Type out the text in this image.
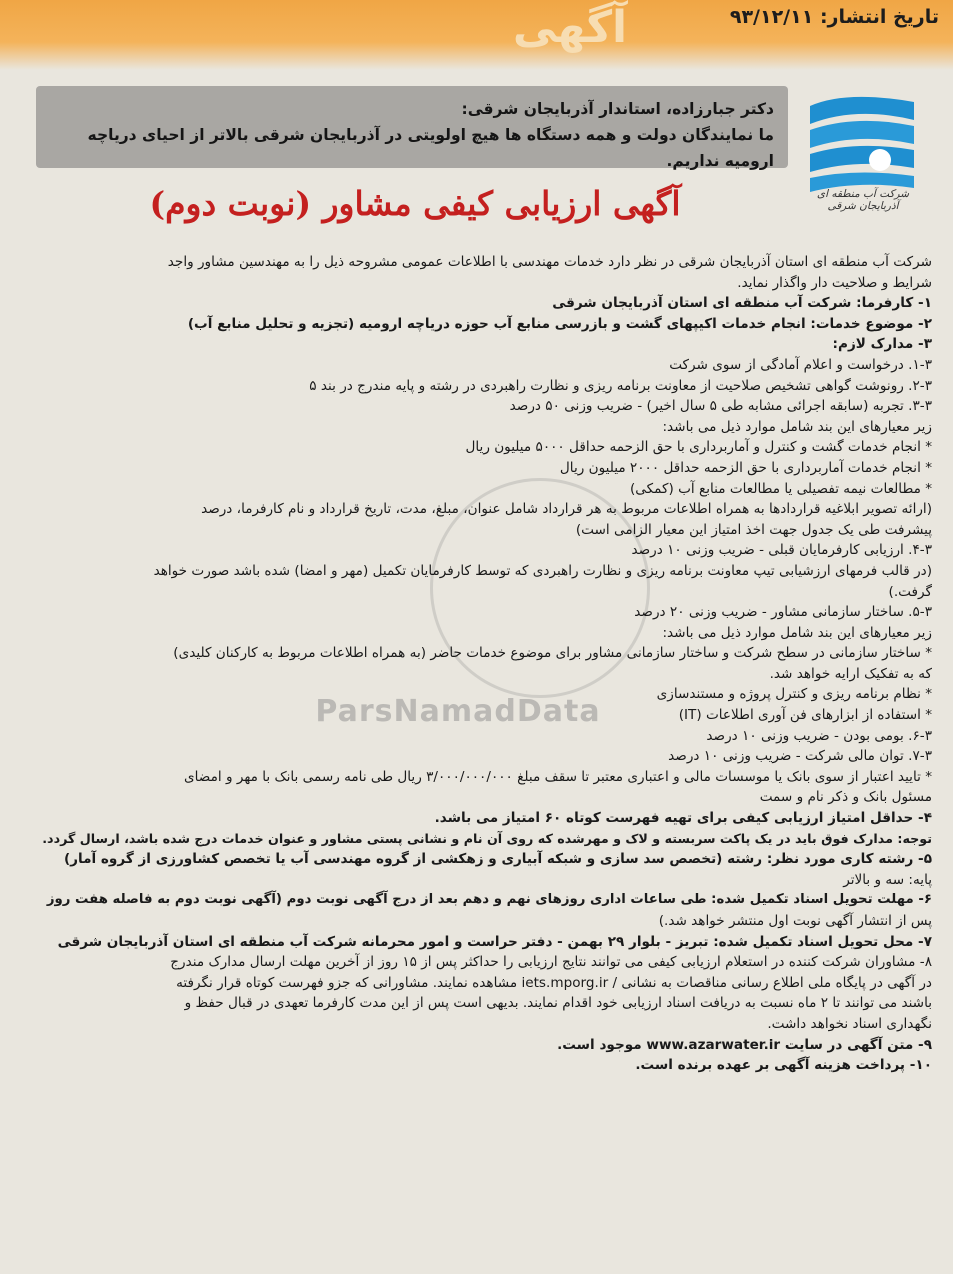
آگهی	تاریخ انتشار: ۹۳/۱۲/۱۱
دکتر جبارزاده، استاندار آذربایجان شرقی:
ما نمایندگان دولت و همه دستگاه ها هیچ اولویتی در آذربایجان شرقی بالاتر از احیای دریاچه ارومیه نداریم.
شرکت آب منطقه ای آذربایجان شرقی
آگهی ارزیابی کیفی مشاور (نوبت دوم)
ParsNamadData

شرکت آب منطقه ای استان آذربایجان شرقی در نظر دارد خدمات مهندسی با اطلاعات عمومی مشروحه ذیل را به مهندسین مشاور واجد

شرایط و صلاحیت دار واگذار نماید.

۱- کارفرما: شرکت آب منطقه ای استان آذربایجان شرقی

۲- موضوع خدمات: انجام خدمات اکیپهای گشت و بازرسی منابع آب حوزه دریاچه ارومیه (تجزیه و تحلیل منابع آب)

۳- مدارک لازم:

۱-۳. درخواست و اعلام آمادگی از سوی شرکت

۲-۳. رونوشت گواهی تشخیص صلاحیت از معاونت برنامه ریزی و نظارت راهبردی در رشته و پایه مندرج در بند ۵

۳-۳. تجربه (سابقه اجرائی مشابه طی ۵ سال اخیر) - ضریب وزنی ۵۰ درصد

زیر معیارهای این بند شامل موارد ذیل می باشد:

* انجام خدمات گشت و کنترل و آماربرداری با حق الزحمه حداقل ۵۰۰۰ میلیون ریال

* انجام خدمات آماربرداری با حق الزحمه حداقل ۲۰۰۰ میلیون ریال

* مطالعات نیمه تفصیلی یا مطالعات منابع آب (کمکی)

(ارائه تصویر ابلاغیه قراردادها به همراه اطلاعات مربوط به هر قرارداد شامل عنوان، مبلغ، مدت، تاریخ قرارداد و نام کارفرما، درصد

پیشرفت طی یک جدول جهت اخذ امتیاز این معیار الزامی است)

۴-۳. ارزیابی کارفرمایان قبلی - ضریب وزنی ۱۰ درصد

(در قالب فرمهای ارزشیابی تیپ معاونت برنامه ریزی و نظارت راهبردی که توسط کارفرمایان تکمیل (مهر و امضا) شده باشد صورت خواهد

گرفت.)

۵-۳. ساختار سازمانی مشاور - ضریب وزنی ۲۰ درصد

زیر معیارهای این بند شامل موارد ذیل می باشد:

* ساختار سازمانی در سطح شرکت و ساختار سازمانی مشاور برای موضوع خدمات حاضر (به همراه اطلاعات مربوط به کارکنان کلیدی)

که به تفکیک ارایه خواهد شد.

* نظام برنامه ریزی و کنترل پروژه و مستندسازی

* استفاده از ابزارهای فن آوری اطلاعات (IT)

۶-۳. بومی بودن - ضریب وزنی ۱۰ درصد

۷-۳. توان مالی شرکت - ضریب وزنی ۱۰ درصد

* تایید اعتبار از سوی بانک یا موسسات مالی و اعتباری معتبر تا سقف مبلغ ۳/۰۰۰/۰۰۰/۰۰۰ ریال طی نامه رسمی بانک با مهر و امضای

مسئول بانک و ذکر نام و سمت

۴- حداقل امتیاز ارزیابی کیفی برای تهیه فهرست کوتاه ۶۰ امتیاز می باشد.

توجه: مدارک فوق باید در یک پاکت سربسته و لاک و مهرشده که روی آن نام و نشانی پستی مشاور و عنوان خدمات درج شده باشد، ارسال گردد.

۵- رشته کاری مورد نظر: رشته (تخصص سد سازی و شبکه آبیاری و زهکشی از گروه مهندسی آب یا تخصص کشاورزی از گروه آمار)

پایه: سه و بالاتر

۶- مهلت تحویل اسناد تکمیل شده: طی ساعات اداری روزهای نهم و دهم بعد از درج آگهی نوبت دوم (آگهی نوبت دوم به فاصله هفت روز

پس از انتشار آگهی نوبت اول منتشر خواهد شد.)

۷- محل تحویل اسناد تکمیل شده: تبریز - بلوار ۲۹ بهمن - دفتر حراست و امور محرمانه شرکت آب منطقه ای استان آذربایجان شرقی

۸- مشاوران شرکت کننده در استعلام ارزیابی کیفی می توانند نتایج ارزیابی را حداکثر پس از ۱۵ روز از آخرین مهلت ارسال مدارک مندرج

در آگهی در پایگاه ملی اطلاع رسانی مناقصات به نشانی / iets.mporg.ir مشاهده نمایند. مشاورانی که جزو فهرست کوتاه قرار نگرفته

باشند می توانند تا ۲ ماه نسبت به دریافت اسناد ارزیابی خود اقدام نمایند. بدیهی است پس از این مدت کارفرما تعهدی در قبال حفظ و

نگهداری اسناد نخواهد داشت.

۹- متن آگهی در سایت www.azarwater.ir موجود است.

۱۰- پرداخت هزینه آگهی بر عهده برنده است.
